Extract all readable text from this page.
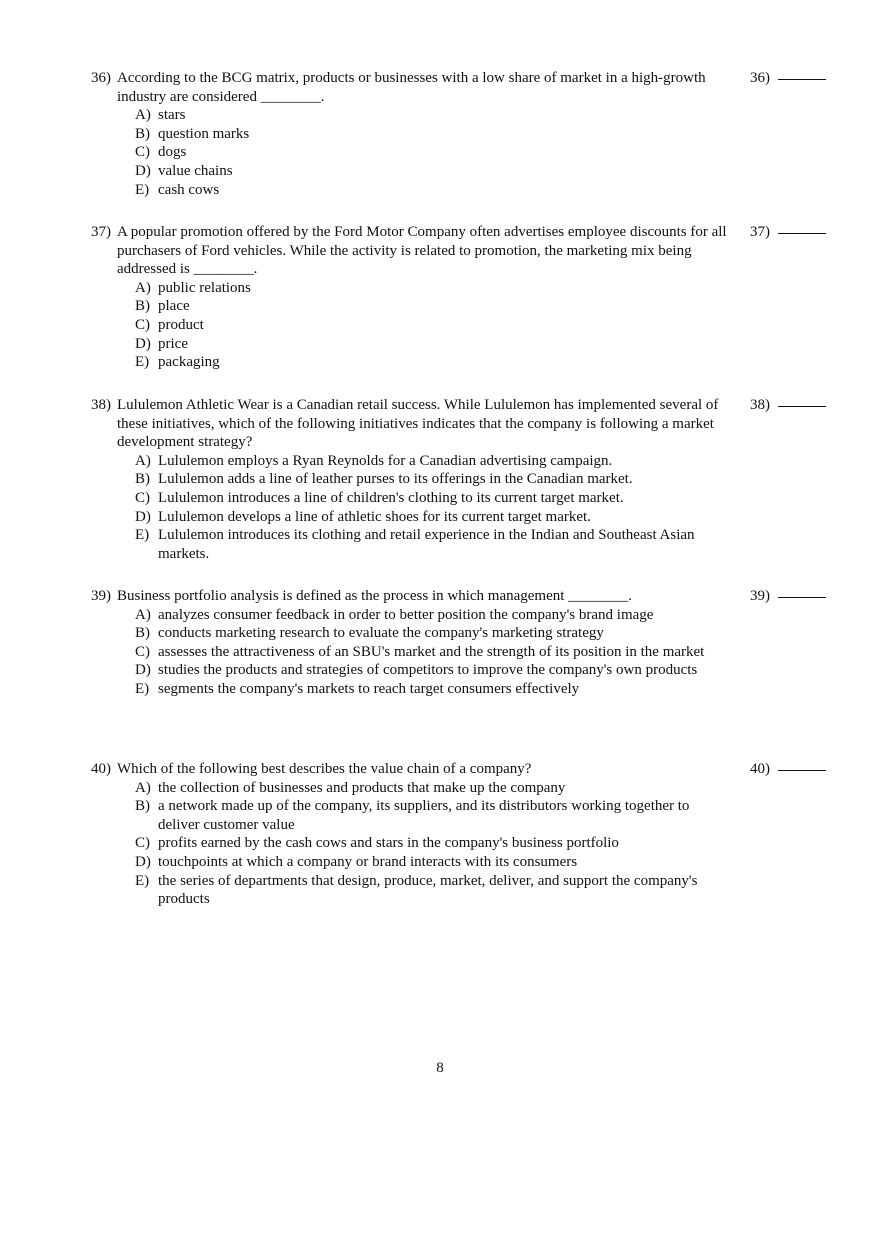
36) According to the BCG matrix, products or businesses with a low share of market in a high-growth industry are considered ________.
36)
A) stars
B) question marks
C) dogs
D) value chains
E) cash cows
37) A popular promotion offered by the Ford Motor Company often advertises employee discounts for all purchasers of Ford vehicles. While the activity is related to promotion, the marketing mix being addressed is ________.
37)
A) public relations
B) place
C) product
D) price
E) packaging
38) Lululemon Athletic Wear is a Canadian retail success. While Lululemon has implemented several of these initiatives, which of the following initiatives indicates that the company is following a market development strategy?
38)
A) Lululemon employs a Ryan Reynolds for a Canadian advertising campaign.
B) Lululemon adds a line of leather purses to its offerings in the Canadian market.
C) Lululemon introduces a line of children's clothing to its current target market.
D) Lululemon develops a line of athletic shoes for its current target market.
E) Lululemon introduces its clothing and retail experience in the Indian and Southeast Asian markets.
39) Business portfolio analysis is defined as the process in which management ________.	39)
A) analyzes consumer feedback in order to better position the company's brand image
B) conducts marketing research to evaluate the company's marketing strategy
C) assesses the attractiveness of an SBU's market and the strength of its position in the market
D) studies the products and strategies of competitors to improve the company's own products
E) segments the company's markets to reach target consumers effectively
40) Which of the following best describes the value chain of a company?	40)
A) the collection of businesses and products that make up the company
B) a network made up of the company, its suppliers, and its distributors working together to deliver customer value
C) profits earned by the cash cows and stars in the company's business portfolio
D) touchpoints at which a company or brand interacts with its consumers
E) the series of departments that design, produce, market, deliver, and support the company's products
8
